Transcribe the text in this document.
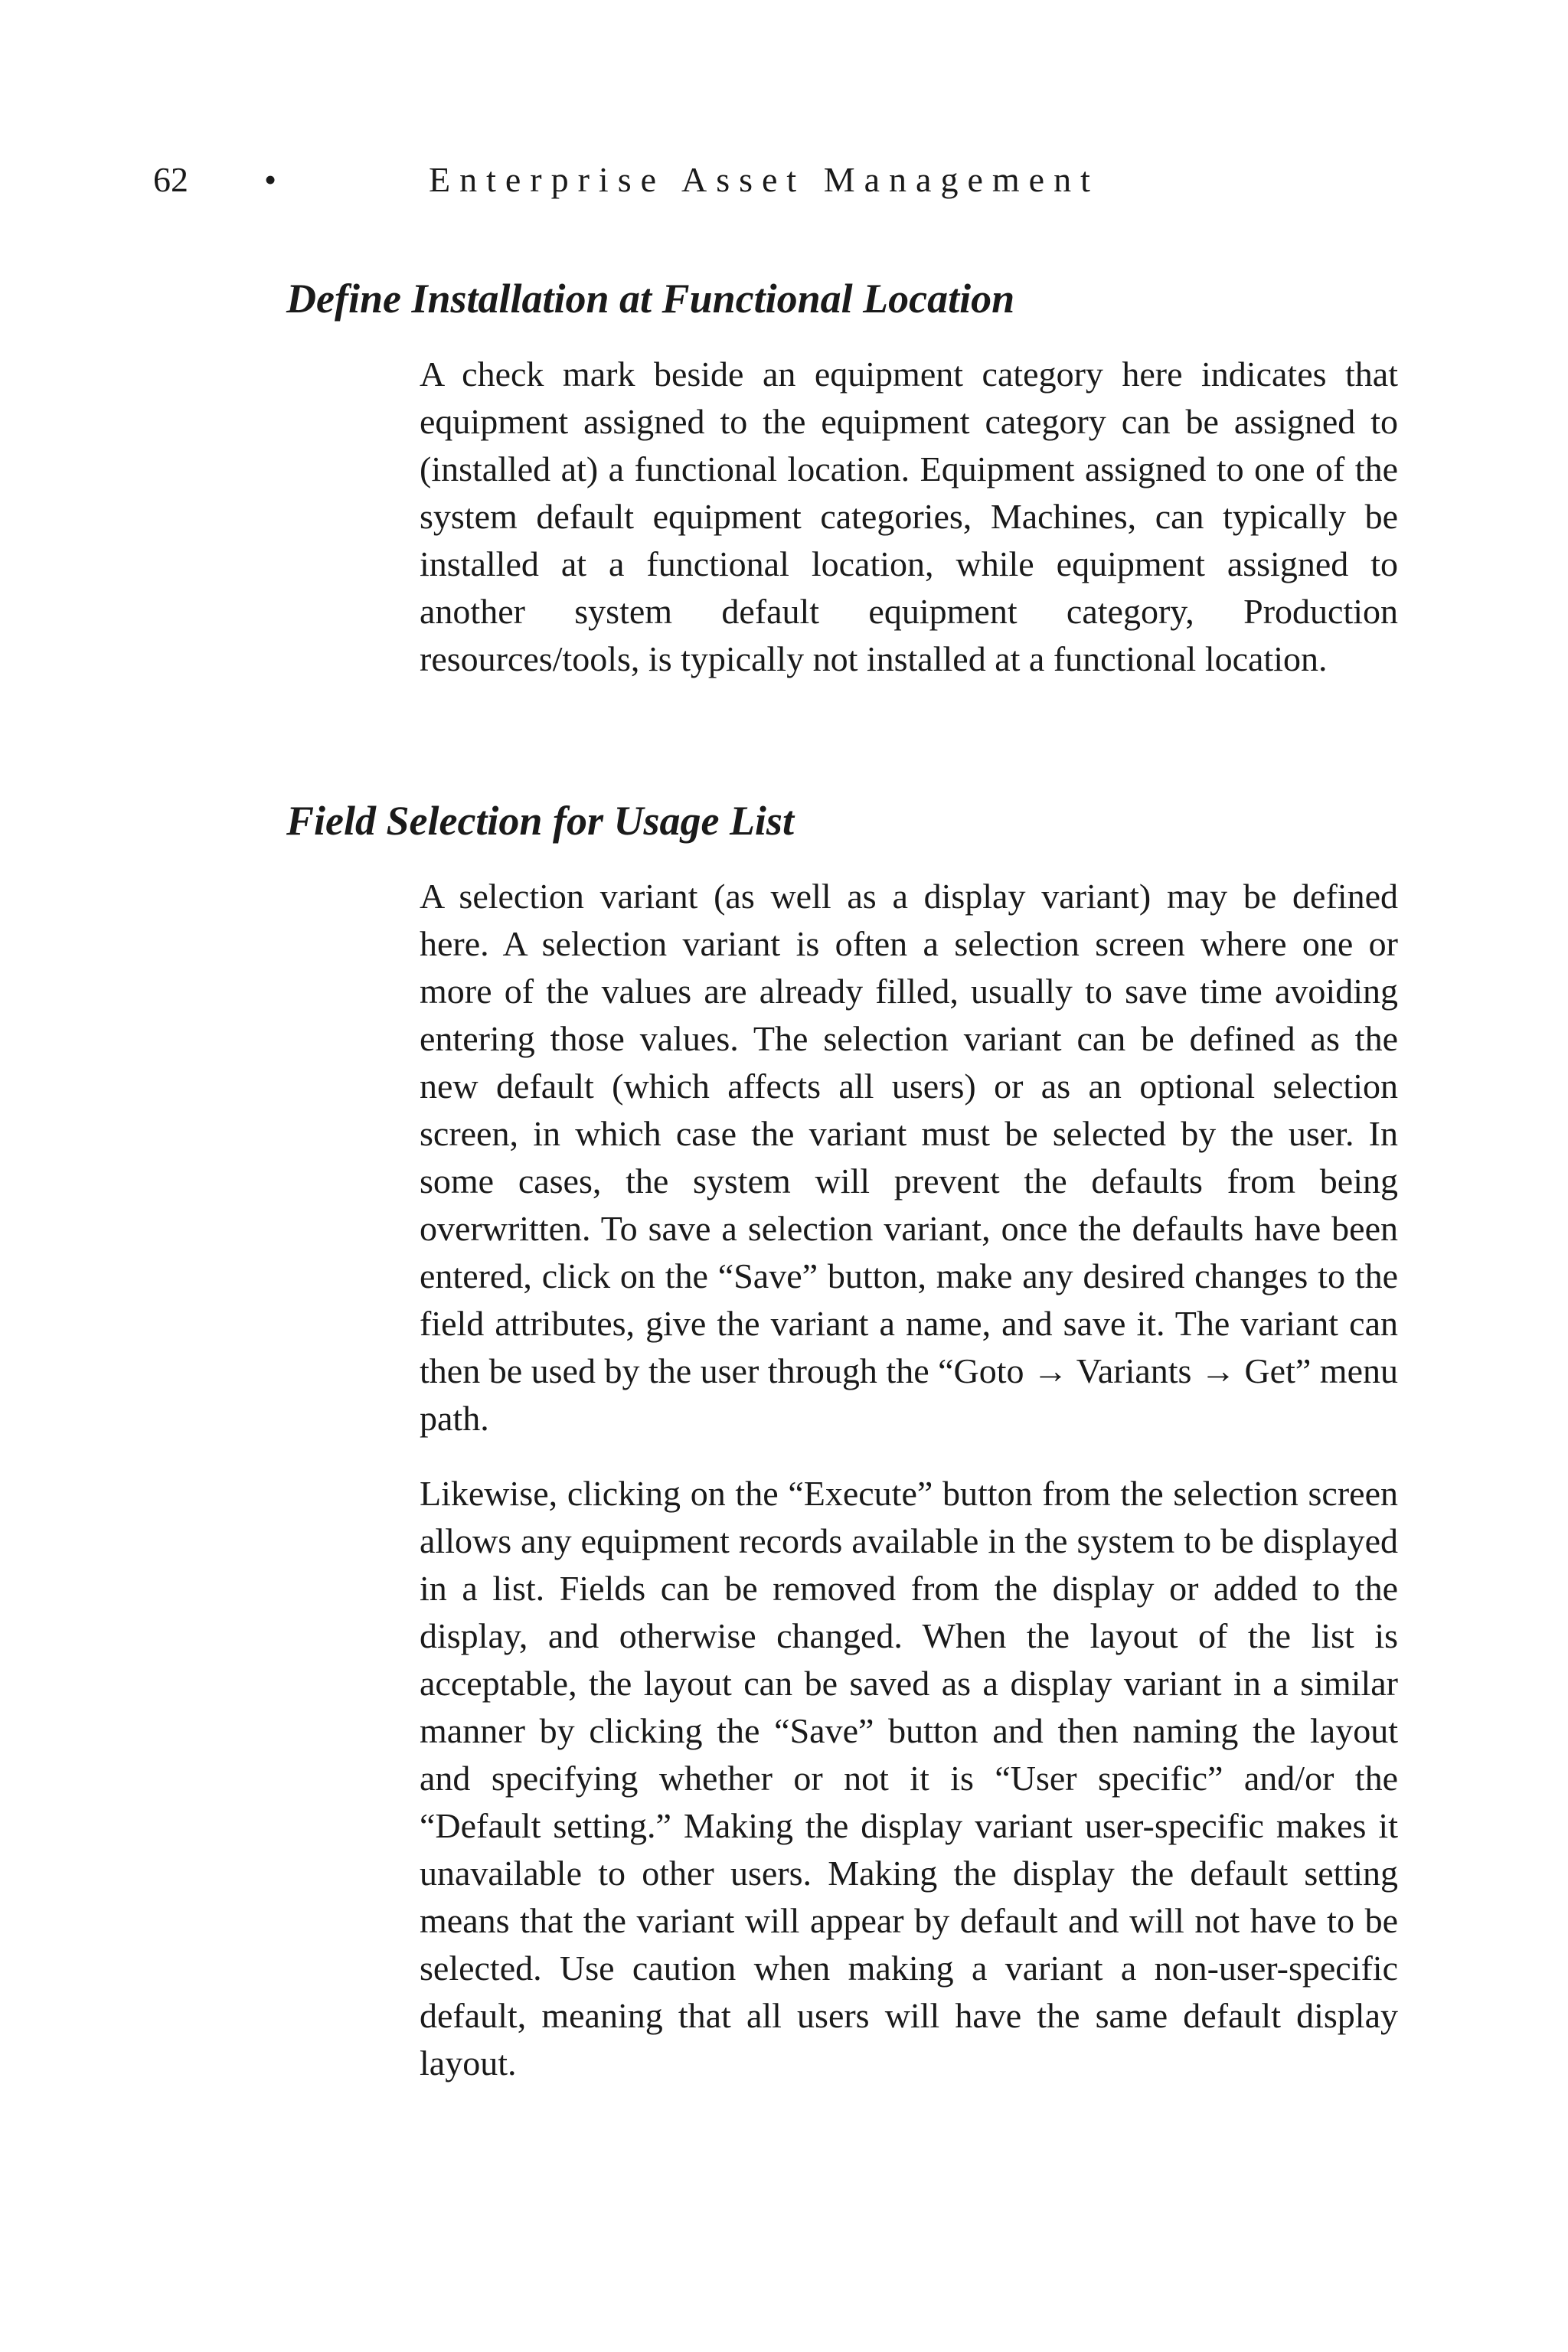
62 •	Enterprise Asset Management
Define Installation at Functional Location

A check mark beside an equipment category here indicates that equipment assigned to the equipment category can be assigned to (installed at) a functional location. Equipment assigned to one of the system default equipment categories, Machines, can typically be installed at a functional location, while equipment assigned to another system default equipment category, Production resources/tools, is typically not installed at a functional location.

Field Selection for Usage List

A selection variant (as well as a display variant) may be defined here. A selection variant is often a selection screen where one or more of the values are already filled, usually to save time avoiding entering those values. The selection variant can be defined as the new default (which affects all users) or as an optional selection screen, in which case the variant must be selected by the user. In some cases, the system will prevent the defaults from being overwritten. To save a selection variant, once the defaults have been entered, click on the “Save” button, make any desired changes to the field attributes, give the variant a name, and save it. The variant can then be used by the user through the “Goto → Variants → Get” menu path.

Likewise, clicking on the “Execute” button from the selection screen allows any equipment records available in the system to be displayed in a list. Fields can be removed from the display or added to the display, and otherwise changed. When the layout of the list is acceptable, the layout can be saved as a display variant in a similar manner by clicking the “Save” button and then naming the layout and specifying whether or not it is “User specific” and/or the “Default setting.” Making the display variant user-specific makes it unavailable to other users. Making the display the default setting means that the variant will appear by default and will not have to be selected. Use caution when making a variant a non-user-specific default, meaning that all users will have the same default display layout.
